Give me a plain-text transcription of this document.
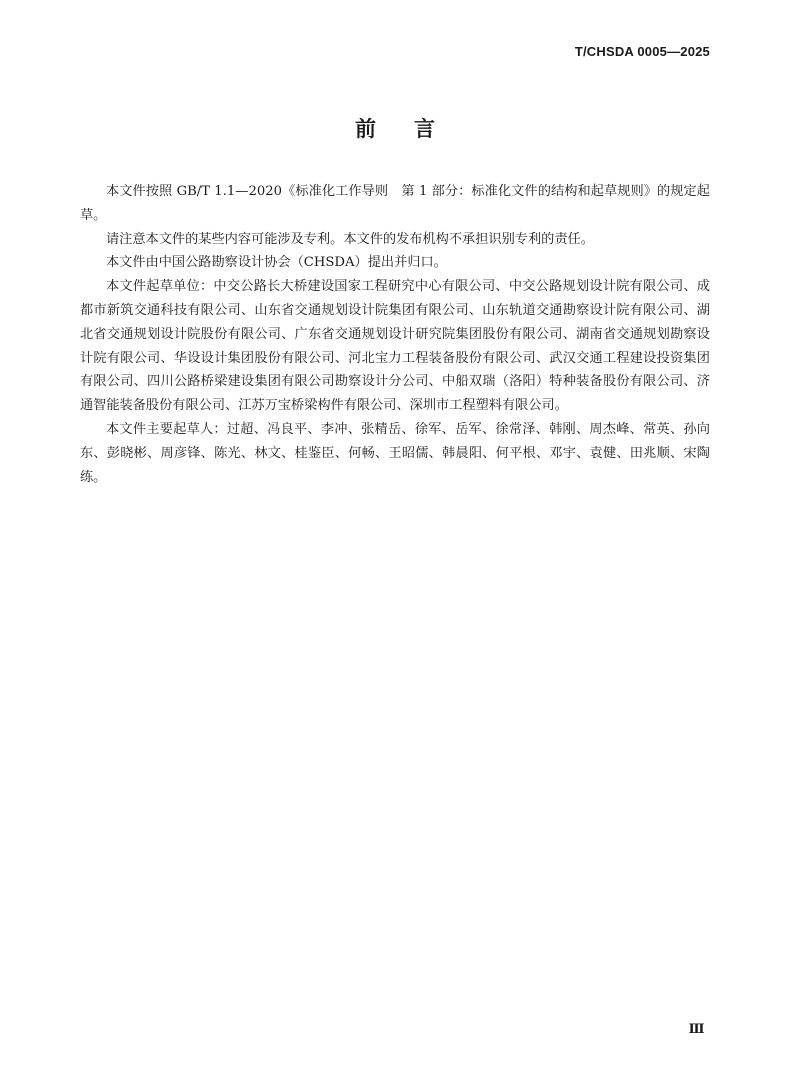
T/CHSDA 0005—2025
前言

本文件按照 GB/T 1.1—2020《标准化工作导则　第 1 部分：标准化文件的结构和起草规则》的规定起草。

请注意本文件的某些内容可能涉及专利。本文件的发布机构不承担识别专利的责任。

本文件由中国公路勘察设计协会（CHSDA）提出并归口。

本文件起草单位：中交公路长大桥建设国家工程研究中心有限公司、中交公路规划设计院有限公司、成都市新筑交通科技有限公司、山东省交通规划设计院集团有限公司、山东轨道交通勘察设计院有限公司、湖北省交通规划设计院股份有限公司、广东省交通规划设计研究院集团股份有限公司、湖南省交通规划勘察设计院有限公司、华设设计集团股份有限公司、河北宝力工程装备股份有限公司、武汉交通工程建设投资集团有限公司、四川公路桥梁建设集团有限公司勘察设计分公司、中船双瑞（洛阳）特种装备股份有限公司、济通智能装备股份有限公司、江苏万宝桥梁构件有限公司、深圳市工程塑料有限公司。

本文件主要起草人：过超、冯良平、李冲、张精岳、徐军、岳军、徐常泽、韩刚、周杰峰、常英、孙向东、彭晓彬、周彦锋、陈光、林文、桂鉴臣、何畅、王昭儒、韩晨阳、何平根、邓宇、袁健、田兆顺、宋陶练。

Ⅲ
